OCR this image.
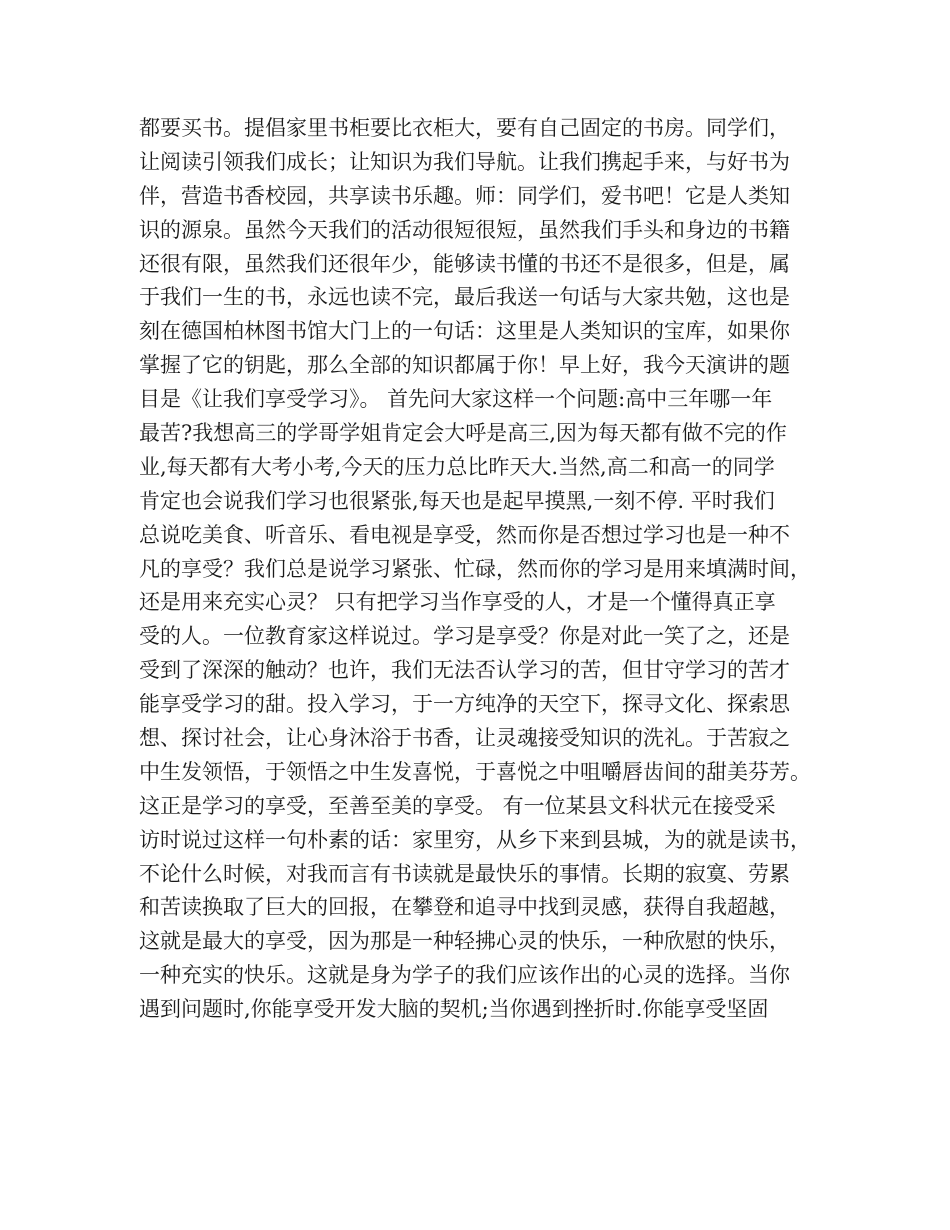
都要买书。提倡家里书柜要比衣柜大，要有自己固定的书房。同学们，
让阅读引领我们成长；让知识为我们导航。让我们携起手来，与好书为
伴，营造书香校园，共享读书乐趣。师：同学们，爱书吧！它是人类知
识的源泉。虽然今天我们的活动很短很短，虽然我们手头和身边的书籍
还很有限，虽然我们还很年少，能够读书懂的书还不是很多，但是，属
于我们一生的书，永远也读不完，最后我送一句话与大家共勉，这也是
刻在德国柏林图书馆大门上的一句话：这里是人类知识的宝库，如果你
掌握了它的钥匙，那么全部的知识都属于你！早上好，我今天演讲的题
目是《让我们享受学习》。 首先问大家这样一个问题:高中三年哪一年
最苦?我想高三的学哥学姐肯定会大呼是高三,因为每天都有做不完的作
业,每天都有大考小考,今天的压力总比昨天大.当然,高二和高一的同学
肯定也会说我们学习也很紧张,每天也是起早摸黑,一刻不停. 平时我们
总说吃美食、听音乐、看电视是享受，然而你是否想过学习也是一种不
凡的享受？我们总是说学习紧张、忙碌，然而你的学习是用来填满时间，
还是用来充实心灵？ 只有把学习当作享受的人，才是一个懂得真正享
受的人。一位教育家这样说过。学习是享受？你是对此一笑了之，还是
受到了深深的触动？也许，我们无法否认学习的苦，但甘守学习的苦才
能享受学习的甜。投入学习，于一方纯净的天空下，探寻文化、探索思
想、探讨社会，让心身沐浴于书香，让灵魂接受知识的洗礼。于苦寂之
中生发领悟，于领悟之中生发喜悦，于喜悦之中咀嚼唇齿间的甜美芬芳。
这正是学习的享受，至善至美的享受。 有一位某县文科状元在接受采
访时说过这样一句朴素的话：家里穷，从乡下来到县城，为的就是读书，
不论什么时候，对我而言有书读就是最快乐的事情。长期的寂寞、劳累
和苦读换取了巨大的回报，在攀登和追寻中找到灵感，获得自我超越，
这就是最大的享受，因为那是一种轻拂心灵的快乐，一种欣慰的快乐，
一种充实的快乐。这就是身为学子的我们应该作出的心灵的选择。当你
遇到问题时,你能享受开发大脑的契机;当你遇到挫折时.你能享受坚固
